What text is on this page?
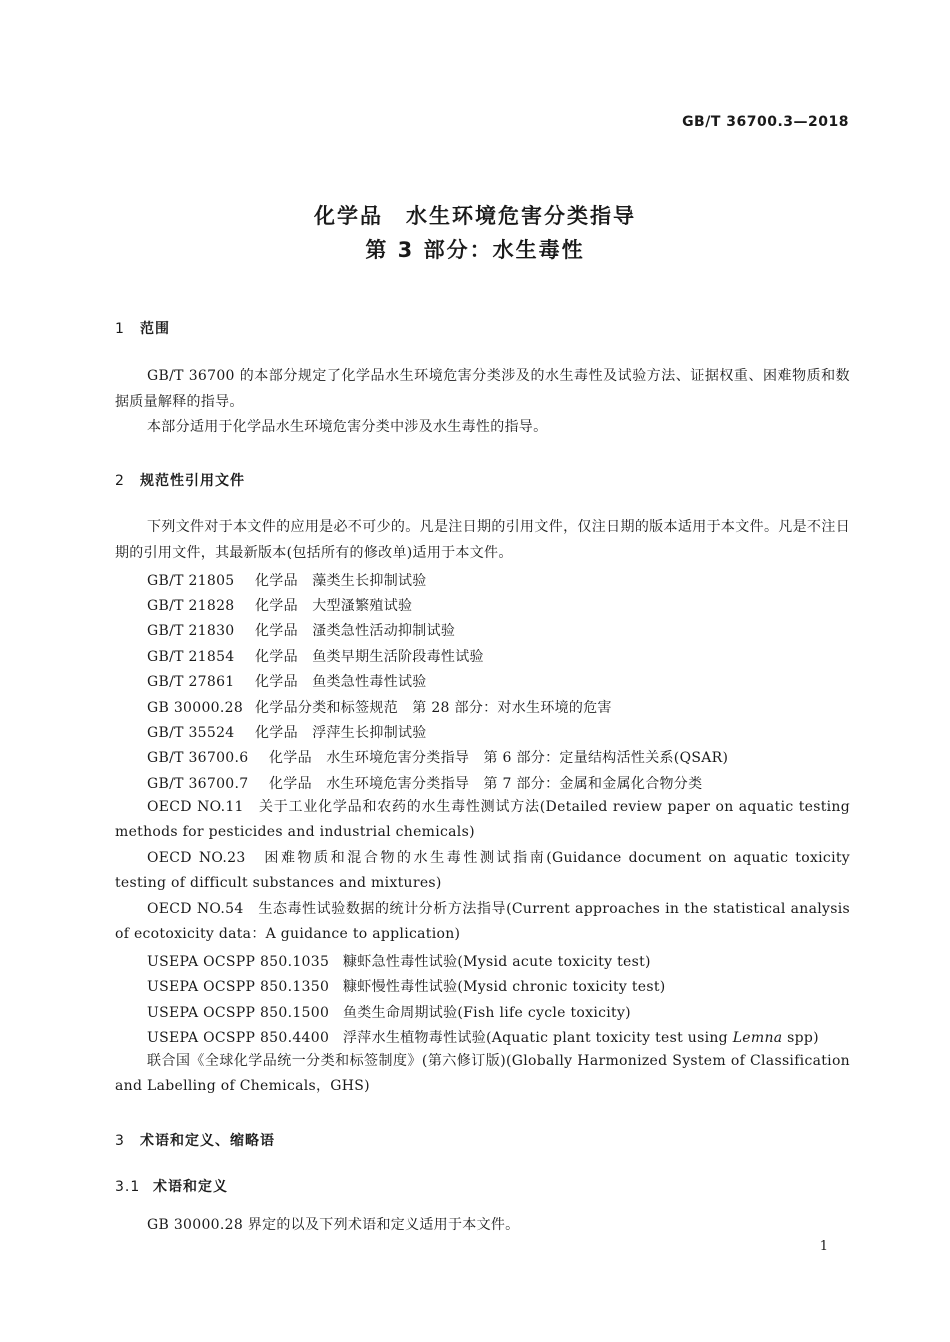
GB/T 36700.3—2018
化学品　水生环境危害分类指导
第 3 部分：水生毒性
1 范围
GB/T 36700 的本部分规定了化学品水生环境危害分类涉及的水生毒性及试验方法、证据权重、困难物质和数据质量解释的指导。
本部分适用于化学品水生环境危害分类中涉及水生毒性的指导。
2 规范性引用文件
下列文件对于本文件的应用是必不可少的。凡是注日期的引用文件，仅注日期的版本适用于本文件。凡是不注日期的引用文件，其最新版本(包括所有的修改单)适用于本文件。
GB/T 21805 化学品　藻类生长抑制试验
GB/T 21828 化学品　大型溞繁殖试验
GB/T 21830 化学品　溞类急性活动抑制试验
GB/T 21854 化学品　鱼类早期生活阶段毒性试验
GB/T 27861 化学品　鱼类急性毒性试验
GB 30000.28 化学品分类和标签规范　第 28 部分：对水生环境的危害
GB/T 35524 化学品　浮萍生长抑制试验
GB/T 36700.6 化学品　水生环境危害分类指导　第 6 部分：定量结构活性关系(QSAR)
GB/T 36700.7 化学品　水生环境危害分类指导　第 7 部分：金属和金属化合物分类
OECD NO.11　关于工业化学品和农药的水生毒性测试方法(Detailed review paper on aquatic testing methods for pesticides and industrial chemicals)
OECD NO.23　困难物质和混合物的水生毒性测试指南(Guidance document on aquatic toxicity testing of difficult substances and mixtures)
OECD NO.54　生态毒性试验数据的统计分析方法指导(Current approaches in the statistical analysis of ecotoxicity data：A guidance to application)
USEPA OCSPP 850.1035 糠虾急性毒性试验(Mysid acute toxicity test)
USEPA OCSPP 850.1350 糠虾慢性毒性试验(Mysid chronic toxicity test)
USEPA OCSPP 850.1500 鱼类生命周期试验(Fish life cycle toxicity)
USEPA OCSPP 850.4400 浮萍水生植物毒性试验(Aquatic plant toxicity test using Lemna spp)
联合国《全球化学品统一分类和标签制度》(第六修订版)(Globally Harmonized System of Classification and Labelling of Chemicals，GHS)
3 术语和定义、缩略语
3.1 术语和定义
GB 30000.28 界定的以及下列术语和定义适用于本文件。
1
